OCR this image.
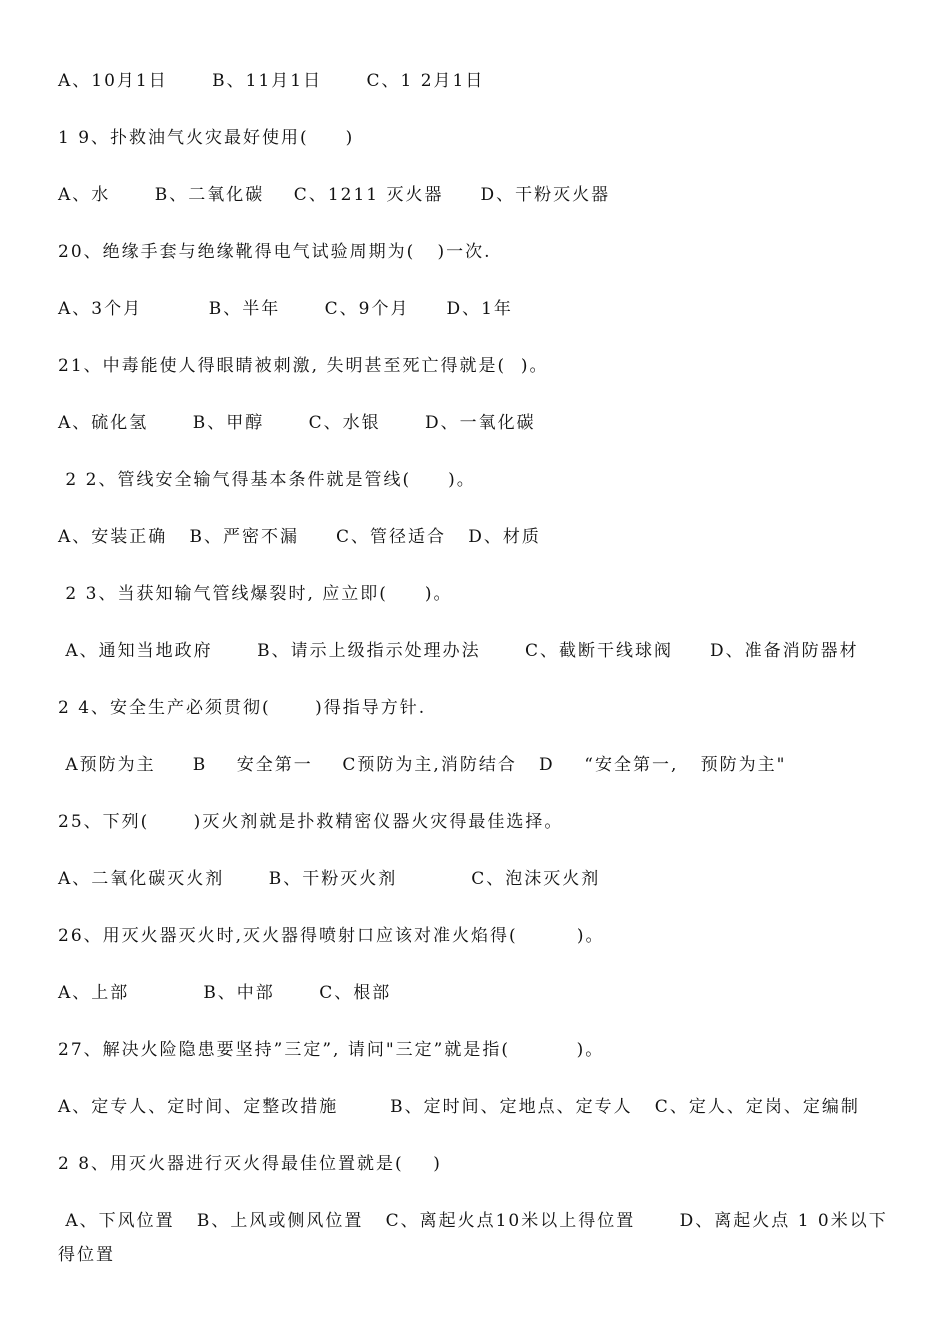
A、10月1日      B、11月1日      C、1 2月1日
1 9、扑救油气火灾最好使用(     )
A、水      B、二氧化碳    C、1211 灭火器     D、干粉灭火器
20、绝缘手套与绝缘靴得电气试验周期为(   )一次.
A、3个月         B、半年      C、9个月     D、1年
21、中毒能使人得眼睛被刺激, 失明甚至死亡得就是(  )。
A、硫化氢      B、甲醇      C、水银      D、一氧化碳
2 2、管线安全输气得基本条件就是管线(     )。
A、安装正确   B、严密不漏     C、管径适合   D、材质
2 3、当获知输气管线爆裂时, 应立即(     )。
A、通知当地政府      B、请示上级指示处理办法      C、截断干线球阀     D、准备消防器材
2 4、安全生产必须贯彻(      )得指导方针.
A预防为主     B    安全第一    C预防为主,消防结合   D    “安全第一,   预防为主"
25、下列(      )灭火剂就是扑救精密仪器火灾得最佳选择。
A、二氧化碳灭火剂      B、干粉灭火剂          C、泡沫灭火剂
26、用灭火器灭火时,灭火器得喷射口应该对准火焰得(        )。
A、上部          B、中部      C、根部
27、解决火险隐患要坚持”三定”, 请问"三定”就是指(         )。
A、定专人、定时间、定整改措施       B、定时间、定地点、定专人   C、定人、定岗、定编制
2 8、用灭火器进行灭火得最佳位置就是(    )
A、下风位置   B、上风或侧风位置   C、离起火点10米以上得位置      D、离起火点 1 0米以下
得位置
